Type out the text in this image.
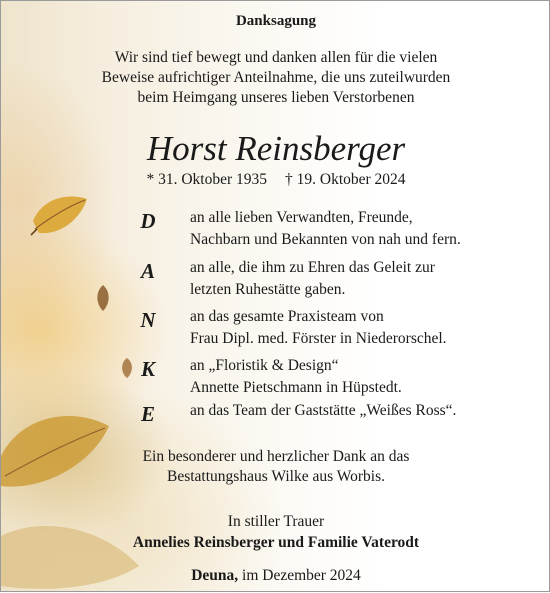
Danksagung
Wir sind tief bewegt und danken allen für die vielen
Beweise aufrichtiger Anteilnahme, die uns zuteilwurden
beim Heimgang unseres lieben Verstorbenen
Horst Reinsberger
* 31. Oktober 1935 † 19. Oktober 2024
D an alle lieben Verwandten, Freunde,
Nachbarn und Bekannten von nah und fern.
A an alle, die ihm zu Ehren das Geleit zur
letzten Ruhestätte gaben.
N an das gesamte Praxisteam von
Frau Dipl. med. Förster in Niederorschel.
K an „Floristik & Design“
Annette Pietschmann in Hüpstedt.
E an das Team der Gaststätte „Weißes Ross“.
Ein besonderer und herzlicher Dank an das
Bestattungshaus Wilke aus Worbis.
In stiller Trauer
Annelies Reinsberger und Familie Vaterodt
Deuna, im Dezember 2024
